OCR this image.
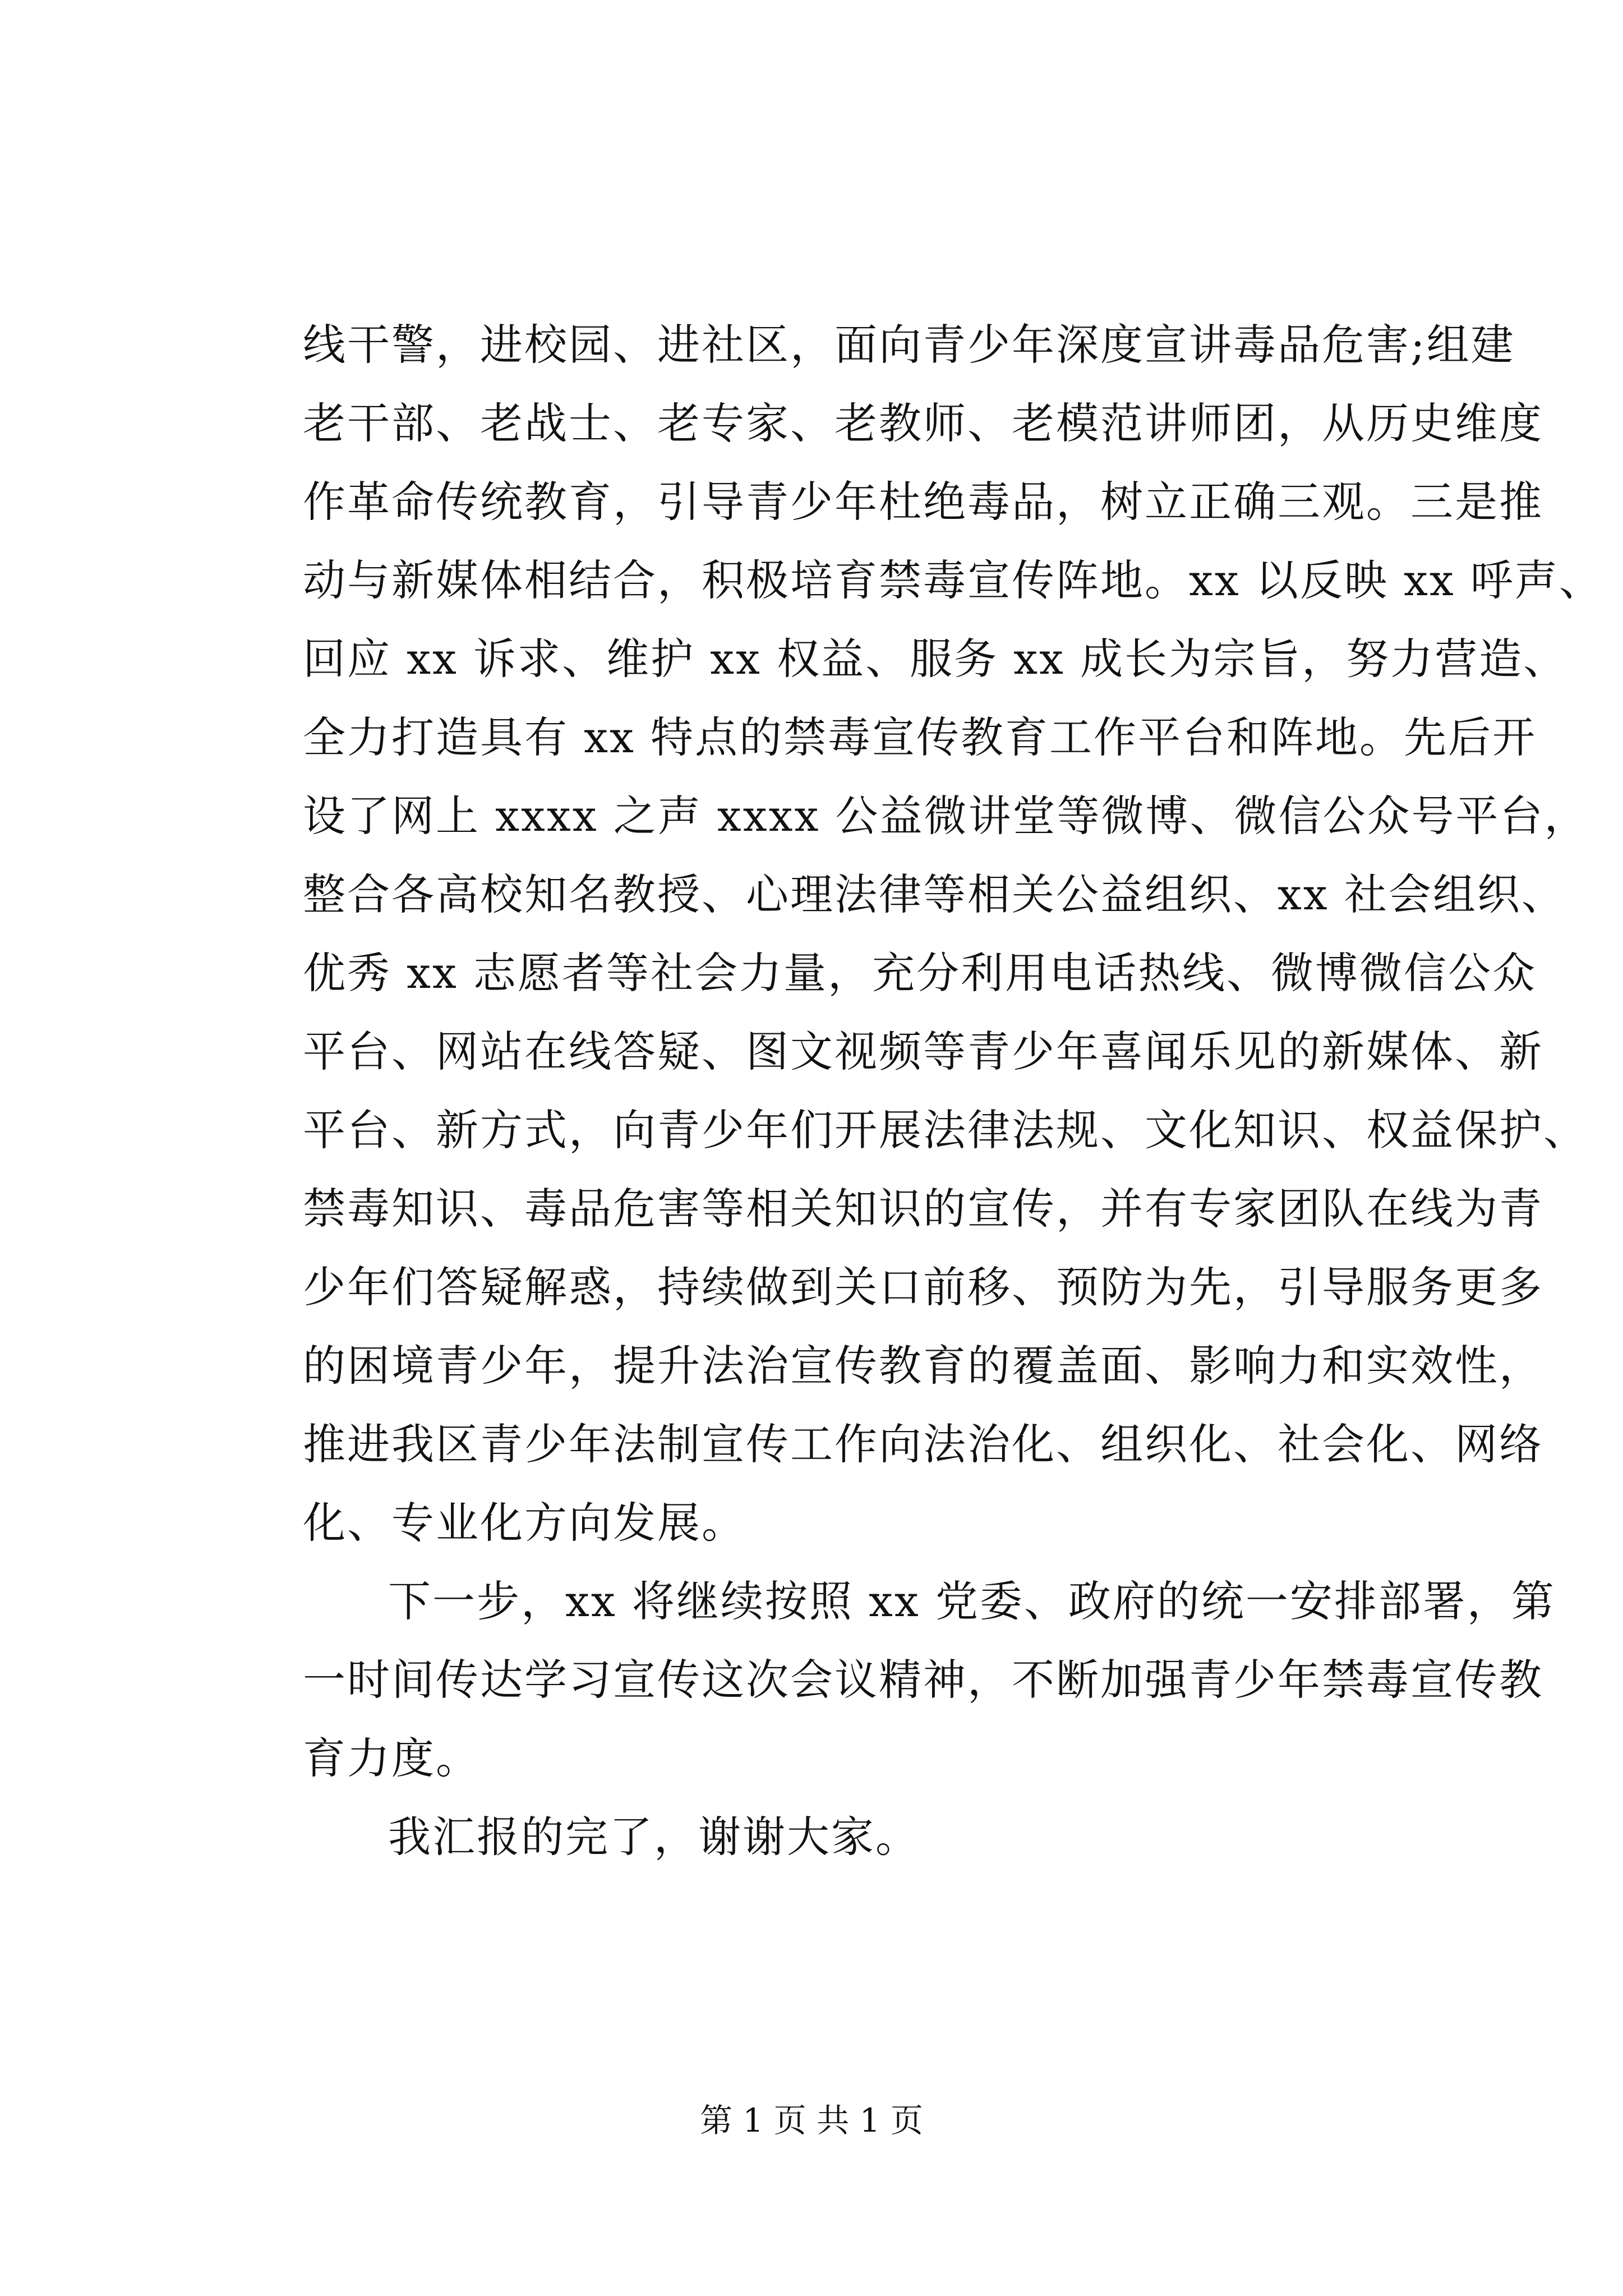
线干警，进校园、进社区，面向青少年深度宣讲毒品危害;组建
老干部、老战士、老专家、老教师、老模范讲师团，从历史维度
作革命传统教育，引导青少年杜绝毒品，树立正确三观。三是推
动与新媒体相结合，积极培育禁毒宣传阵地。xx 以反映 xx 呼声、
回应 xx 诉求、维护 xx 权益、服务 xx 成长为宗旨，努力营造、
全力打造具有 xx 特点的禁毒宣传教育工作平台和阵地。先后开
设了网上 xxxx 之声 xxxx 公益微讲堂等微博、微信公众号平台，
整合各高校知名教授、心理法律等相关公益组织、xx 社会组织、
优秀 xx 志愿者等社会力量，充分利用电话热线、微博微信公众
平台、网站在线答疑、图文视频等青少年喜闻乐见的新媒体、新
平台、新方式，向青少年们开展法律法规、文化知识、权益保护、
禁毒知识、毒品危害等相关知识的宣传，并有专家团队在线为青
少年们答疑解惑，持续做到关口前移、预防为先，引导服务更多
的困境青少年，提升法治宣传教育的覆盖面、影响力和实效性，
推进我区青少年法制宣传工作向法治化、组织化、社会化、网络
化、专业化方向发展。
下一步，xx 将继续按照 xx 党委、政府的统一安排部署，第
一时间传达学习宣传这次会议精神，不断加强青少年禁毒宣传教
育力度。
我汇报的完了，谢谢大家。
第 1 页 共 1 页
